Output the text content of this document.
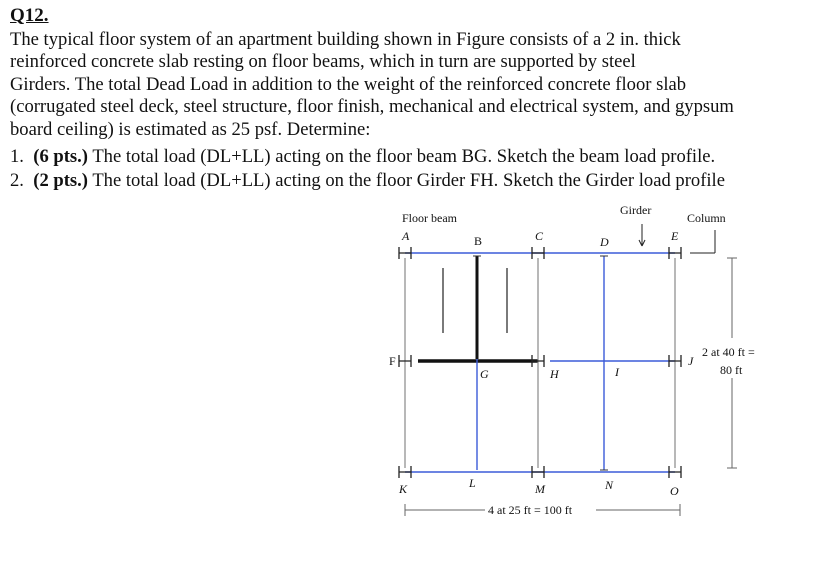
Q12.

The typical floor system of an apartment building shown in Figure consists of a 2 in. thick
reinforced concrete slab resting on floor beams, which in turn are supported by steel
Girders. The total Dead Load in addition to the weight of the reinforced concrete floor slab
(corrugated steel deck, steel structure, floor finish, mechanical and electrical system, and gypsum
board ceiling) is estimated as 25 psf. Determine:

1. (6 pts.) The total load (DL+LL) acting on the floor beam BG. Sketch the beam load profile.
2. (2 pts.) The total load (DL+LL) acting on the floor Girder FH. Sketch the Girder load profile
Floor beam
Girder
Column
2 at 40 ft =
80 ft
4 at 25 ft = 100 ft
A	B	C	D	E
F
G	H	I
J
K	L	M	N	O
